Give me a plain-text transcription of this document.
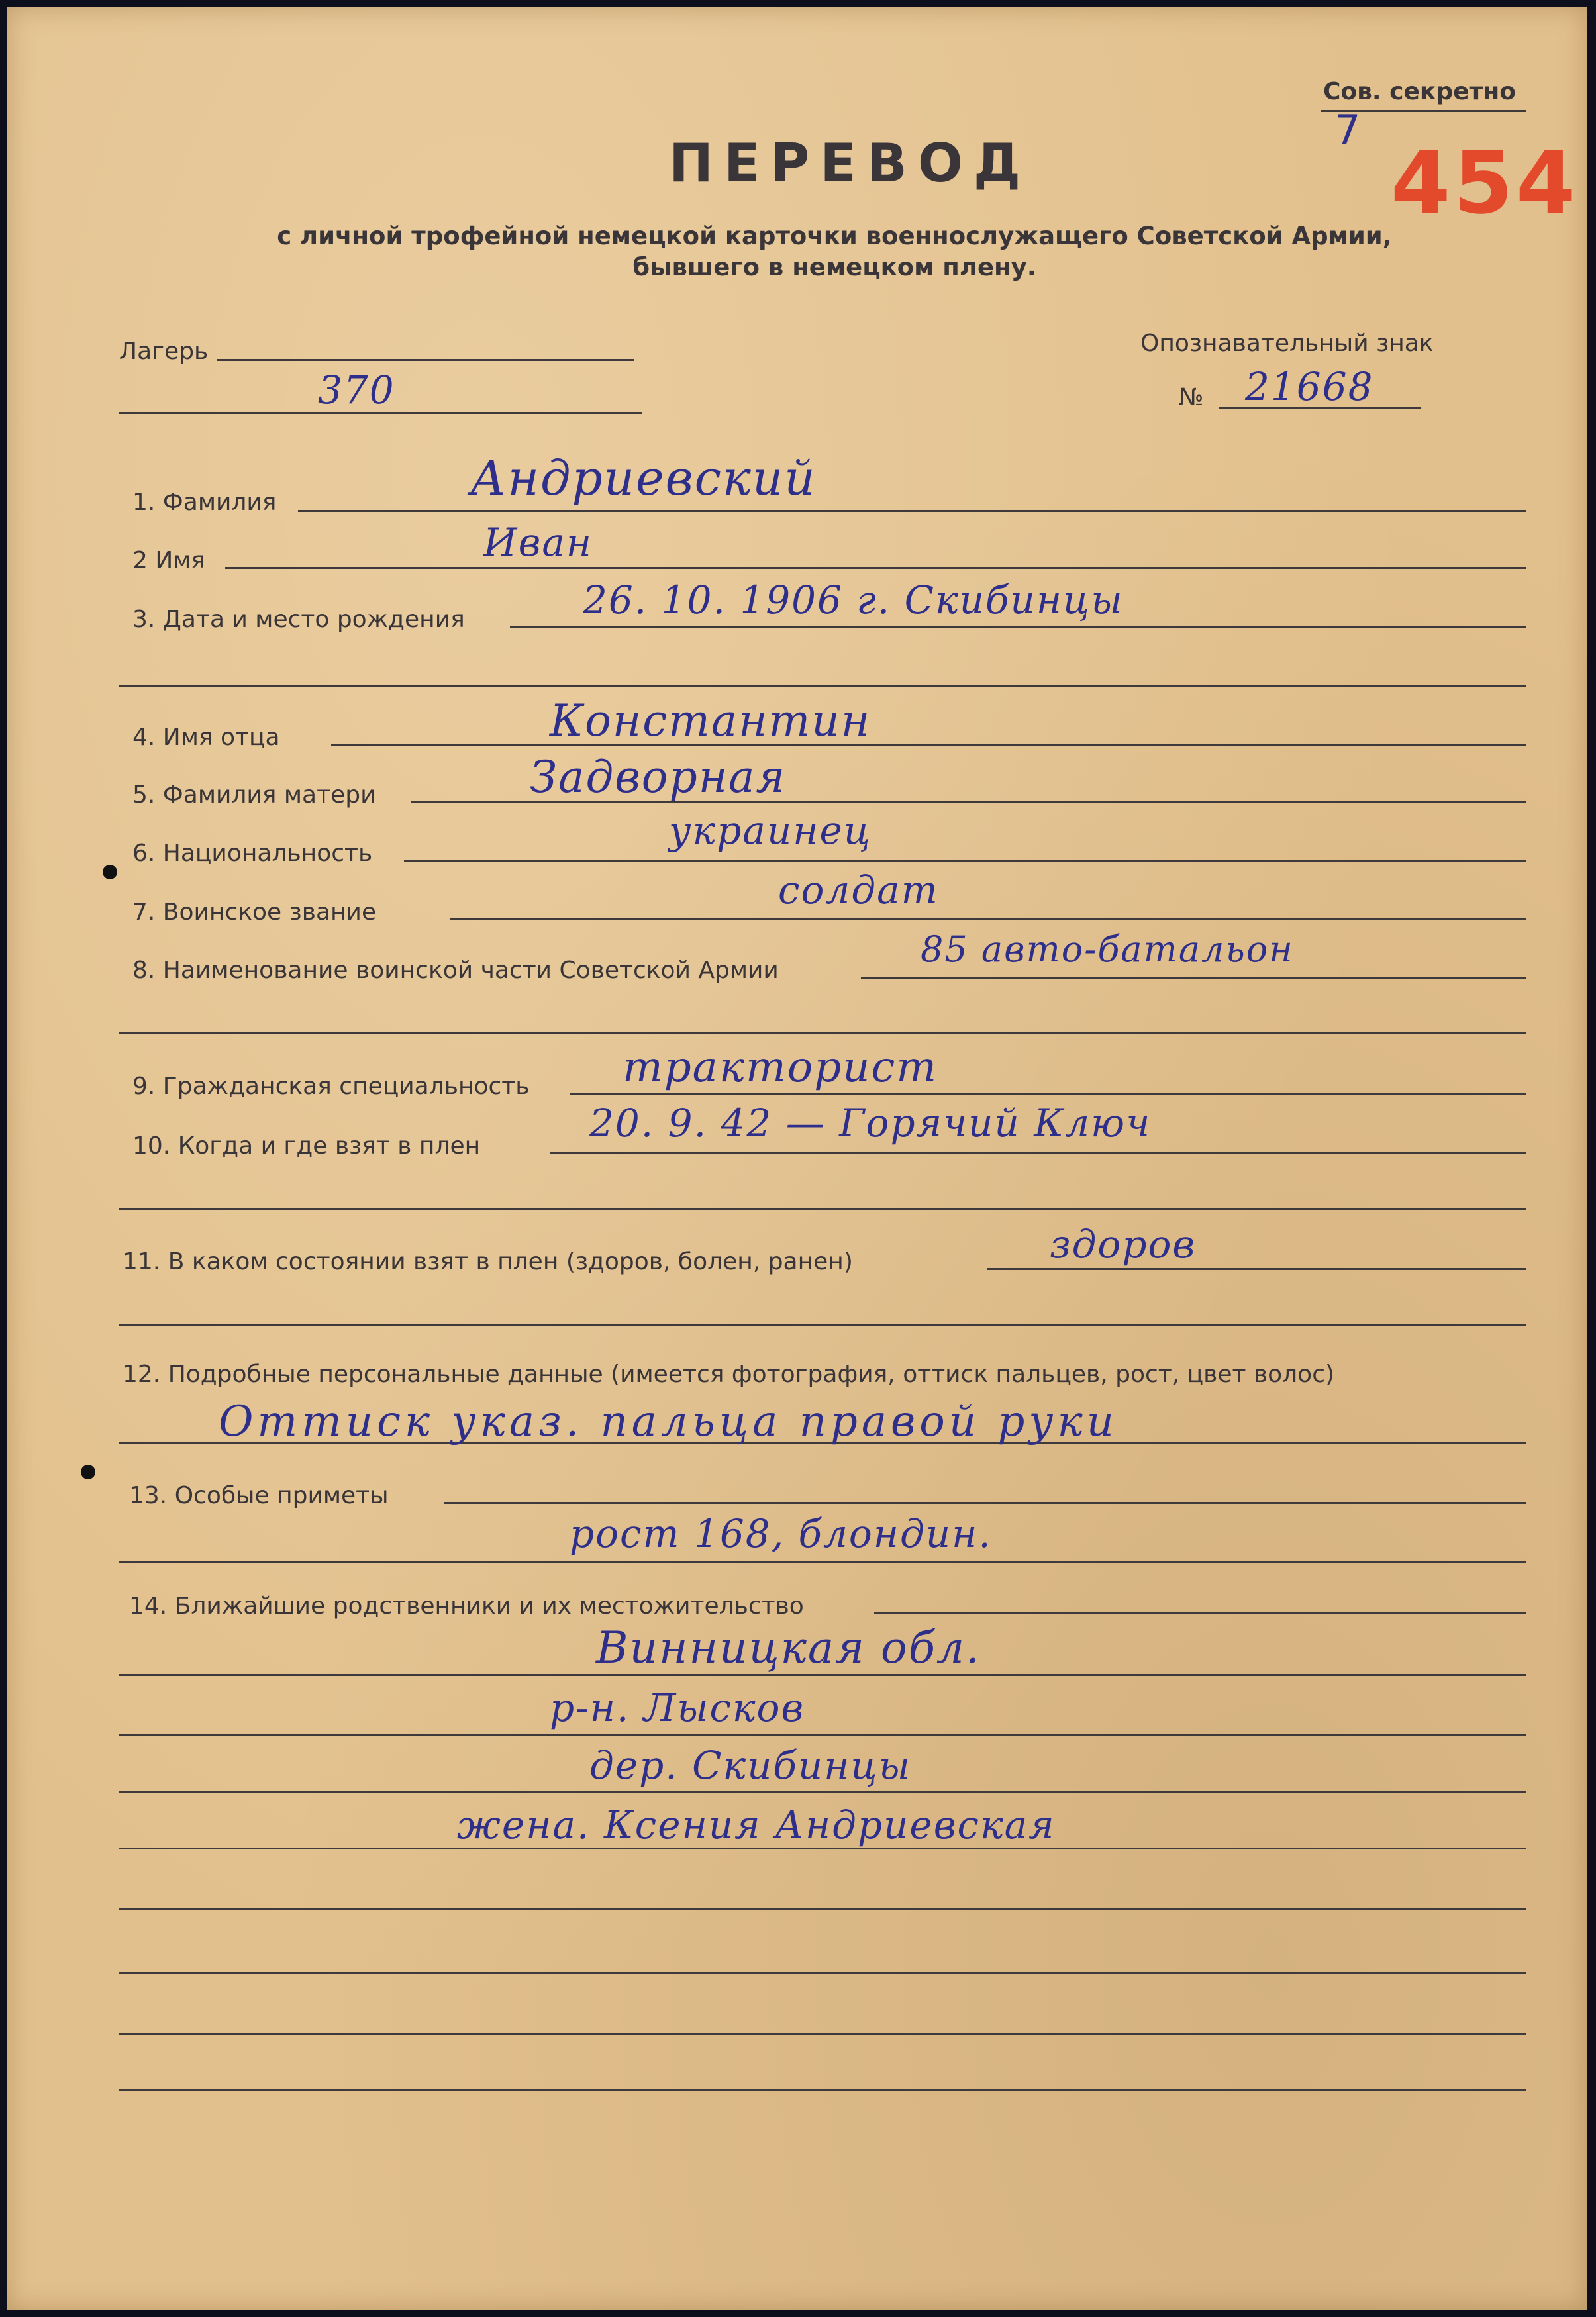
Сов. секретно
7
454
ПЕРЕВОД
с личной трофейной немецкой карточки военнослужащего Советской Армии,
бывшего в немецком плену.
Лагерь
370
Опознавательный знак
№ 21668
1. Фамилия	Андриевский
2 Имя	Иван
3. Дата и место рождения	26. 10. 1906 г. Скибинцы
4. Имя отца	Константин
5. Фамилия матери	Задворная
6. Национальность
украинец
7. Воинское звание	солдат
8. Наименование воинской части Советской Армии
85 авто-батальон
9. Гражданская специальность тракторист
10. Когда и где взят в плен
20. 9. 42 — Горячий Ключ
11. В каком состоянии взят в плен (здоров, болен, ранен)	здоров
12. Подробные персональные данные (имеется фотография, оттиск пальцев, рост, цвет волос)
Оттиск указ. пальца правой руки
13. Особые приметы
рост 168, блондин.
14. Ближайшие родственники и их местожительство
Винницкая обл.
р-н. Лысков
дер. Скибинцы
жена. Ксения Андриевская
